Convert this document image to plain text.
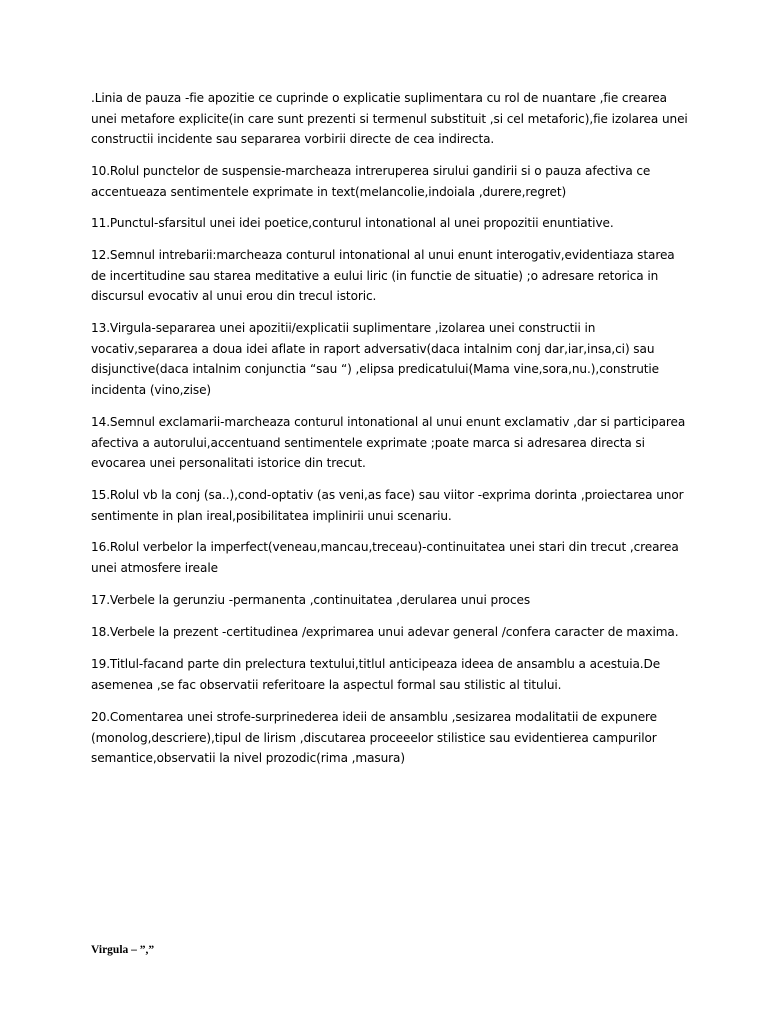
.Linia de pauza -fie apozitie ce cuprinde o explicatie suplimentara cu rol de nuantare ,fie crearea unei metafore explicite(in care sunt prezenti si termenul substituit ,si cel metaforic),fie izolarea unei constructii incidente sau separarea vorbirii directe de cea indirecta.

10.Rolul punctelor de suspensie-marcheaza intreruperea sirului gandirii si o pauza afectiva ce accentueaza sentimentele exprimate in text(melancolie,indoiala ,durere,regret)

11.Punctul-sfarsitul unei idei poetice,conturul intonational al unei propozitii enuntiative.

12.Semnul intrebarii:marcheaza conturul intonational al unui enunt interogativ,evidentiaza starea de incertitudine sau starea meditative a eului liric (in functie de situatie) ;o adresare retorica in discursul evocativ al unui erou din trecul istoric.

13.Virgula-separarea unei apozitii/explicatii suplimentare ,izolarea unei constructii in vocativ,separarea a doua idei aflate in raport adversativ(daca intalnim conj dar,iar,insa,ci) sau disjunctive(daca intalnim conjunctia “sau “) ,elipsa predicatului(Mama vine,sora,nu.),construtie incidenta (vino,zise)

14.Semnul exclamarii-marcheaza conturul intonational al unui enunt exclamativ ,dar si participarea afectiva a autorului,accentuand sentimentele exprimate ;poate marca si adresarea directa si evocarea unei personalitati istorice din trecut.

15.Rolul vb la conj (sa..),cond-optativ (as veni,as face) sau viitor -exprima dorinta ,proiectarea unor sentimente in plan ireal,posibilitatea implinirii unui scenariu.

16.Rolul verbelor la imperfect(veneau,mancau,treceau)-continuitatea unei stari din trecut ,crearea unei atmosfere ireale

17.Verbele la gerunziu -permanenta ,continuitatea ,derularea unui proces

18.Verbele la prezent -certitudinea /exprimarea unui adevar general /confera caracter de maxima.

19.Titlul-facand parte din prelectura textului,titlul anticipeaza ideea de ansamblu a acestuia.De asemenea ,se fac observatii referitoare la aspectul formal sau stilistic al titului.

20.Comentarea unei strofe-surprinederea ideii de ansamblu ,sesizarea modalitatii de expunere (monolog,descriere),tipul de lirism ,discutarea proceeelor stilistice sau evidentierea campurilor semantice,observatii la nivel prozodic(rima ,masura)

Virgula – ”,”
